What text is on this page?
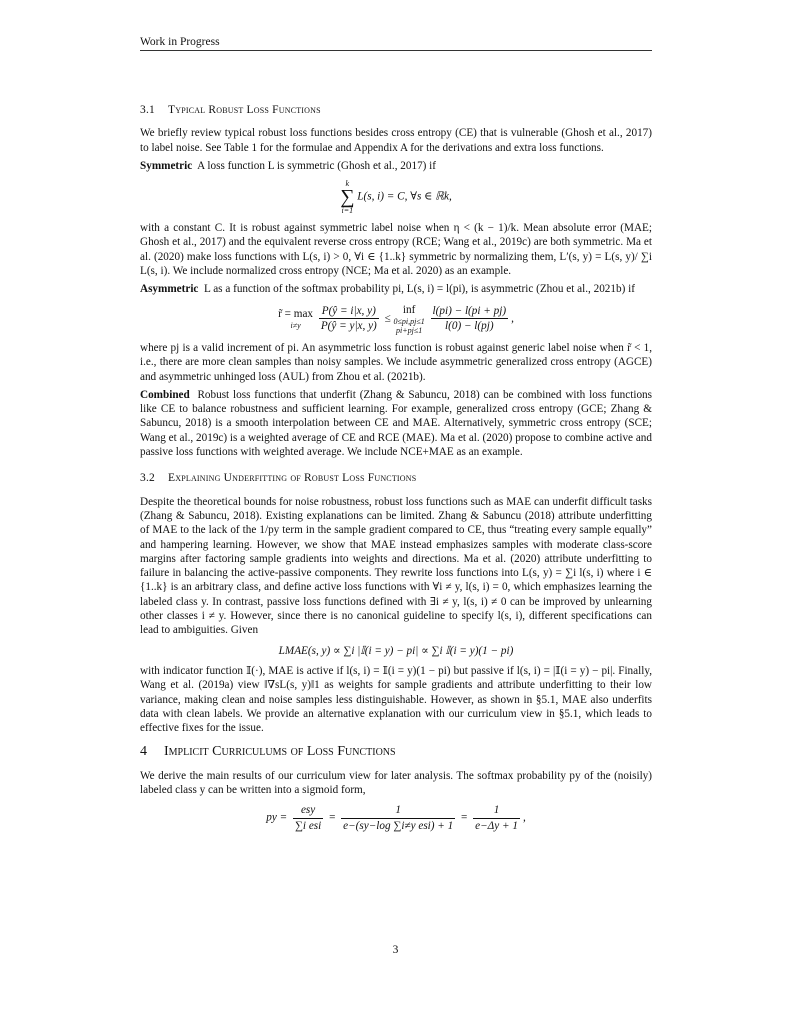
Work in Progress
3.1 Typical Robust Loss Functions

We briefly review typical robust loss functions besides cross entropy (CE) that is vulnerable (Ghosh et al., 2017) to label noise. See Table 1 for the formulae and Appendix A for the derivations and extra loss functions.

Symmetric A loss function L is symmetric (Ghosh et al., 2017) if

k
∑
i=1
L(s, i) = C, ∀s ∈ ℝk,

with a constant C. It is robust against symmetric label noise when η < (k − 1)/k. Mean absolute error (MAE; Ghosh et al., 2017) and the equivalent reverse cross entropy (RCE; Wang et al., 2019c) are both symmetric. Ma et al. (2020) make loss functions with L(s, i) > 0, ∀i ∈ {1..k} symmetric by normalizing them, L′(s, y) = L(s, y)/ ∑i L(s, i). We include normalized cross entropy (NCE; Ma et al. 2020) as an example.

Asymmetric L as a function of the softmax probability pi, L(s, i) = l(pi), is asymmetric (Zhou et al., 2021b) if

r̃ = max
i≠y
	$\frac{P(ŷ = i|x, y)}{P(ŷ = y|x, y)}$ ≤ inf
0≤pi,pj≤1
pi+pj≤1
$\frac{l(pi) - l(pi + pj)}{l(0) - l(pj)}$ ,

where pj is a valid increment of pi. An asymmetric loss function is robust against generic label noise when r̃ < 1, i.e., there are more clean samples than noisy samples. We include asymmetric generalized cross entropy (AGCE) and asymmetric unhinged loss (AUL) from Zhou et al. (2021b).

Combined Robust loss functions that underfit (Zhang & Sabuncu, 2018) can be combined with loss functions like CE to balance robustness and sufficient learning. For example, generalized cross entropy (GCE; Zhang & Sabuncu, 2018) is a smooth interpolation between CE and MAE. Alternatively, symmetric cross entropy (SCE; Wang et al., 2019c) is a weighted average of CE and RCE (MAE). Ma et al. (2020) propose to combine active and passive loss functions with weighted average. We include NCE+MAE as an example.

3.2 Explaining Underfitting of Robust Loss Functions

Despite the theoretical bounds for noise robustness, robust loss functions such as MAE can underfit difficult tasks (Zhang & Sabuncu, 2018). Existing explanations can be limited. Zhang & Sabuncu (2018) attribute underfitting of MAE to the lack of the 1/py term in the sample gradient compared to CE, thus “treating every sample equally” and hampering learning. However, we show that MAE instead emphasizes samples with moderate class-score margins after factoring sample gradients into weights and directions. Ma et al. (2020) attribute underfitting to failure in balancing the active-passive components. They rewrite loss functions into L(s, y) = ∑i l(s, i) where i ∈ {1..k} is an arbitrary class, and define active loss functions with ∀i ≠ y, l(s, i) = 0, which emphasizes learning the labeled class y. In contrast, passive loss functions defined with ∃i ≠ y, l(s, i) ≠ 0 can be improved by unlearning other classes i ≠ y. However, since there is no canonical guideline to specify l(s, i), different specifications can lead to ambiguities. Given

LMAE(s, y) ∝ ∑i |𝕀(i = y) − pi| ∝ ∑i 𝕀(i = y)(1 − pi)

with indicator function 𝕀(·), MAE is active if l(s, i) = 𝕀(i = y)(1 − pi) but passive if l(s, i) = |𝕀(i = y) − pi|. Finally, Wang et al. (2019a) view ‖∇sL(s, y)‖1 as weights for sample gradients and attribute underfitting to their low variance, making clean and noise samples less distinguishable. However, as shown in §5.1, MAE also underfits data with clean labels. We provide an alternative explanation with our curriculum view in §5.1, which leads to effective fixes for the issue.

4 Implicit Curriculums of Loss Functions

We derive the main results of our curriculum view for later analysis. The softmax probability py of the (noisily) labeled class y can be written into a sigmoid form,

py = $\frac{\text{esy}}{\text{∑i esi}} = \frac{1}{\text{e−(sy−log ∑i≠y esi) + 1}} = \frac{1}{e-\Delta y + 1}$ ,
3
